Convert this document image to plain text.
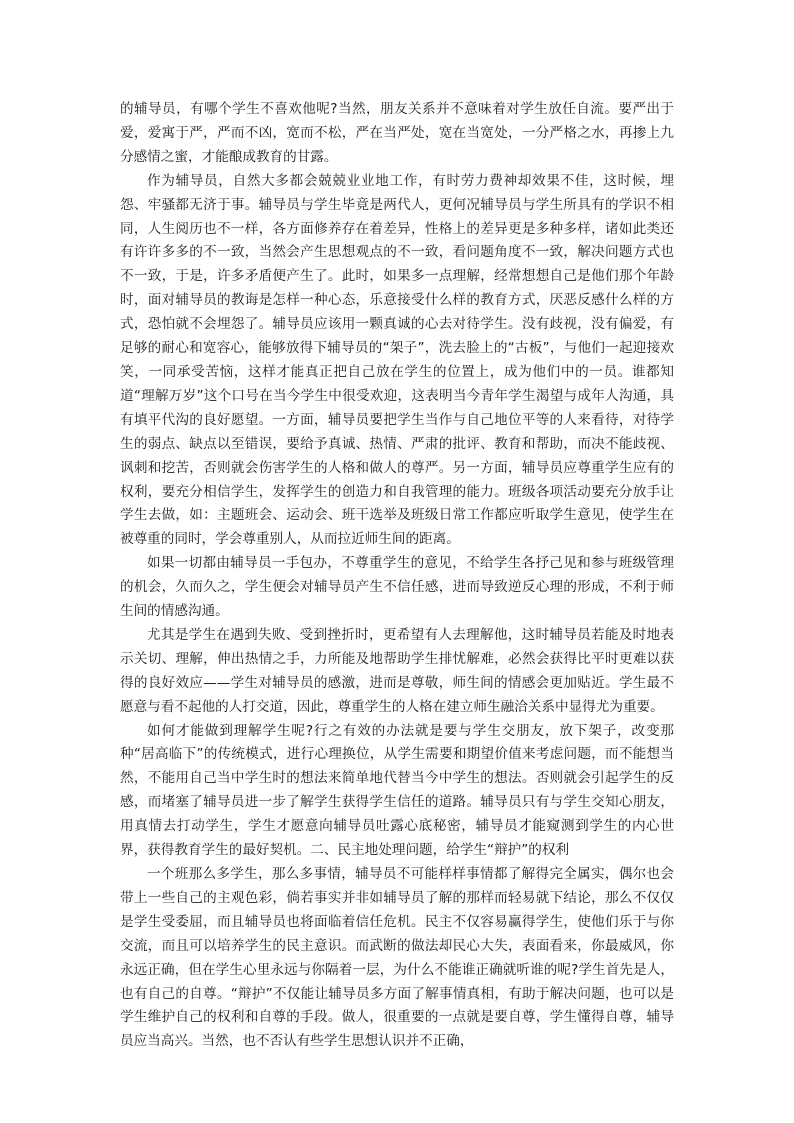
的辅导员，有哪个学生不喜欢他呢?当然，朋友关系并不意味着对学生放任自流。要严出于爱，爱寓于严，严而不凶，宽而不松，严在当严处，宽在当宽处，一分严格之水，再掺上九分感情之蜜，才能酿成教育的甘露。

作为辅导员，自然大多都会兢兢业业地工作，有时劳力费神却效果不佳，这时候，埋怨、牢骚都无济于事。辅导员与学生毕竟是两代人，更何况辅导员与学生所具有的学识不相同，人生阅历也不一样，各方面修养存在着差异，性格上的差异更是多种多样，诸如此类还有许许多多的不一致，当然会产生思想观点的不一致，看问题角度不一致，解决问题方式也不一致，于是，许多矛盾便产生了。此时，如果多一点理解，经常想想自己是他们那个年龄时，面对辅导员的教诲是怎样一种心态，乐意接受什么样的教育方式，厌恶反感什么样的方式，恐怕就不会埋怨了。辅导员应该用一颗真诚的心去对待学生。没有歧视，没有偏爱，有足够的耐心和宽容心，能够放得下辅导员的“架子”，洗去脸上的“古板”，与他们一起迎接欢笑，一同承受苦恼，这样才能真正把自己放在学生的位置上，成为他们中的一员。谁都知道“理解万岁”这个口号在当今学生中很受欢迎，这表明当今青年学生渴望与成年人沟通，具有填平代沟的良好愿望。一方面，辅导员要把学生当作与自己地位平等的人来看待，对待学生的弱点、缺点以至错误，要给予真诚、热情、严肃的批评、教育和帮助，而决不能歧视、讽刺和挖苦，否则就会伤害学生的人格和做人的尊严。另一方面，辅导员应尊重学生应有的权利，要充分相信学生，发挥学生的创造力和自我管理的能力。班级各项活动要充分放手让学生去做，如：主题班会、运动会、班干选举及班级日常工作都应听取学生意见，使学生在被尊重的同时，学会尊重别人，从而拉近师生间的距离。

如果一切都由辅导员一手包办，不尊重学生的意见，不给学生各抒己见和参与班级管理的机会，久而久之，学生便会对辅导员产生不信任感，进而导致逆反心理的形成，不利于师生间的情感沟通。

尤其是学生在遇到失败、受到挫折时，更希望有人去理解他，这时辅导员若能及时地表示关切、理解，伸出热情之手，力所能及地帮助学生排忧解难，必然会获得比平时更难以获得的良好效应——学生对辅导员的感激，进而是尊敬，师生间的情感会更加贴近。学生最不愿意与看不起他的人打交道，因此，尊重学生的人格在建立师生融洽关系中显得尤为重要。

如何才能做到理解学生呢?行之有效的办法就是要与学生交朋友，放下架子，改变那种“居高临下”的传统模式，进行心理换位，从学生需要和期望价值来考虑问题，而不能想当然，不能用自己当中学生时的想法来简单地代替当今中学生的想法。否则就会引起学生的反感，而堵塞了辅导员进一步了解学生获得学生信任的道路。辅导员只有与学生交知心朋友，用真情去打动学生，学生才愿意向辅导员吐露心底秘密，辅导员才能窥测到学生的内心世界，获得教育学生的最好契机。二、民主地处理问题，给学生“辩护”的权利

一个班那么多学生，那么多事情，辅导员不可能样样事情都了解得完全属实，偶尔也会带上一些自己的主观色彩，倘若事实并非如辅导员了解的那样而轻易就下结论，那么不仅仅是学生受委屈，而且辅导员也将面临着信任危机。民主不仅容易赢得学生，使他们乐于与你交流，而且可以培养学生的民主意识。而武断的做法却民心大失，表面看来，你最威风，你永远正确，但在学生心里永远与你隔着一层，为什么不能谁正确就听谁的呢?学生首先是人，也有自己的自尊。“辩护”不仅能让辅导员多方面了解事情真相，有助于解决问题，也可以是学生维护自己的权利和自尊的手段。做人，很重要的一点就是要自尊，学生懂得自尊，辅导员应当高兴。当然，也不否认有些学生思想认识并不正确，
